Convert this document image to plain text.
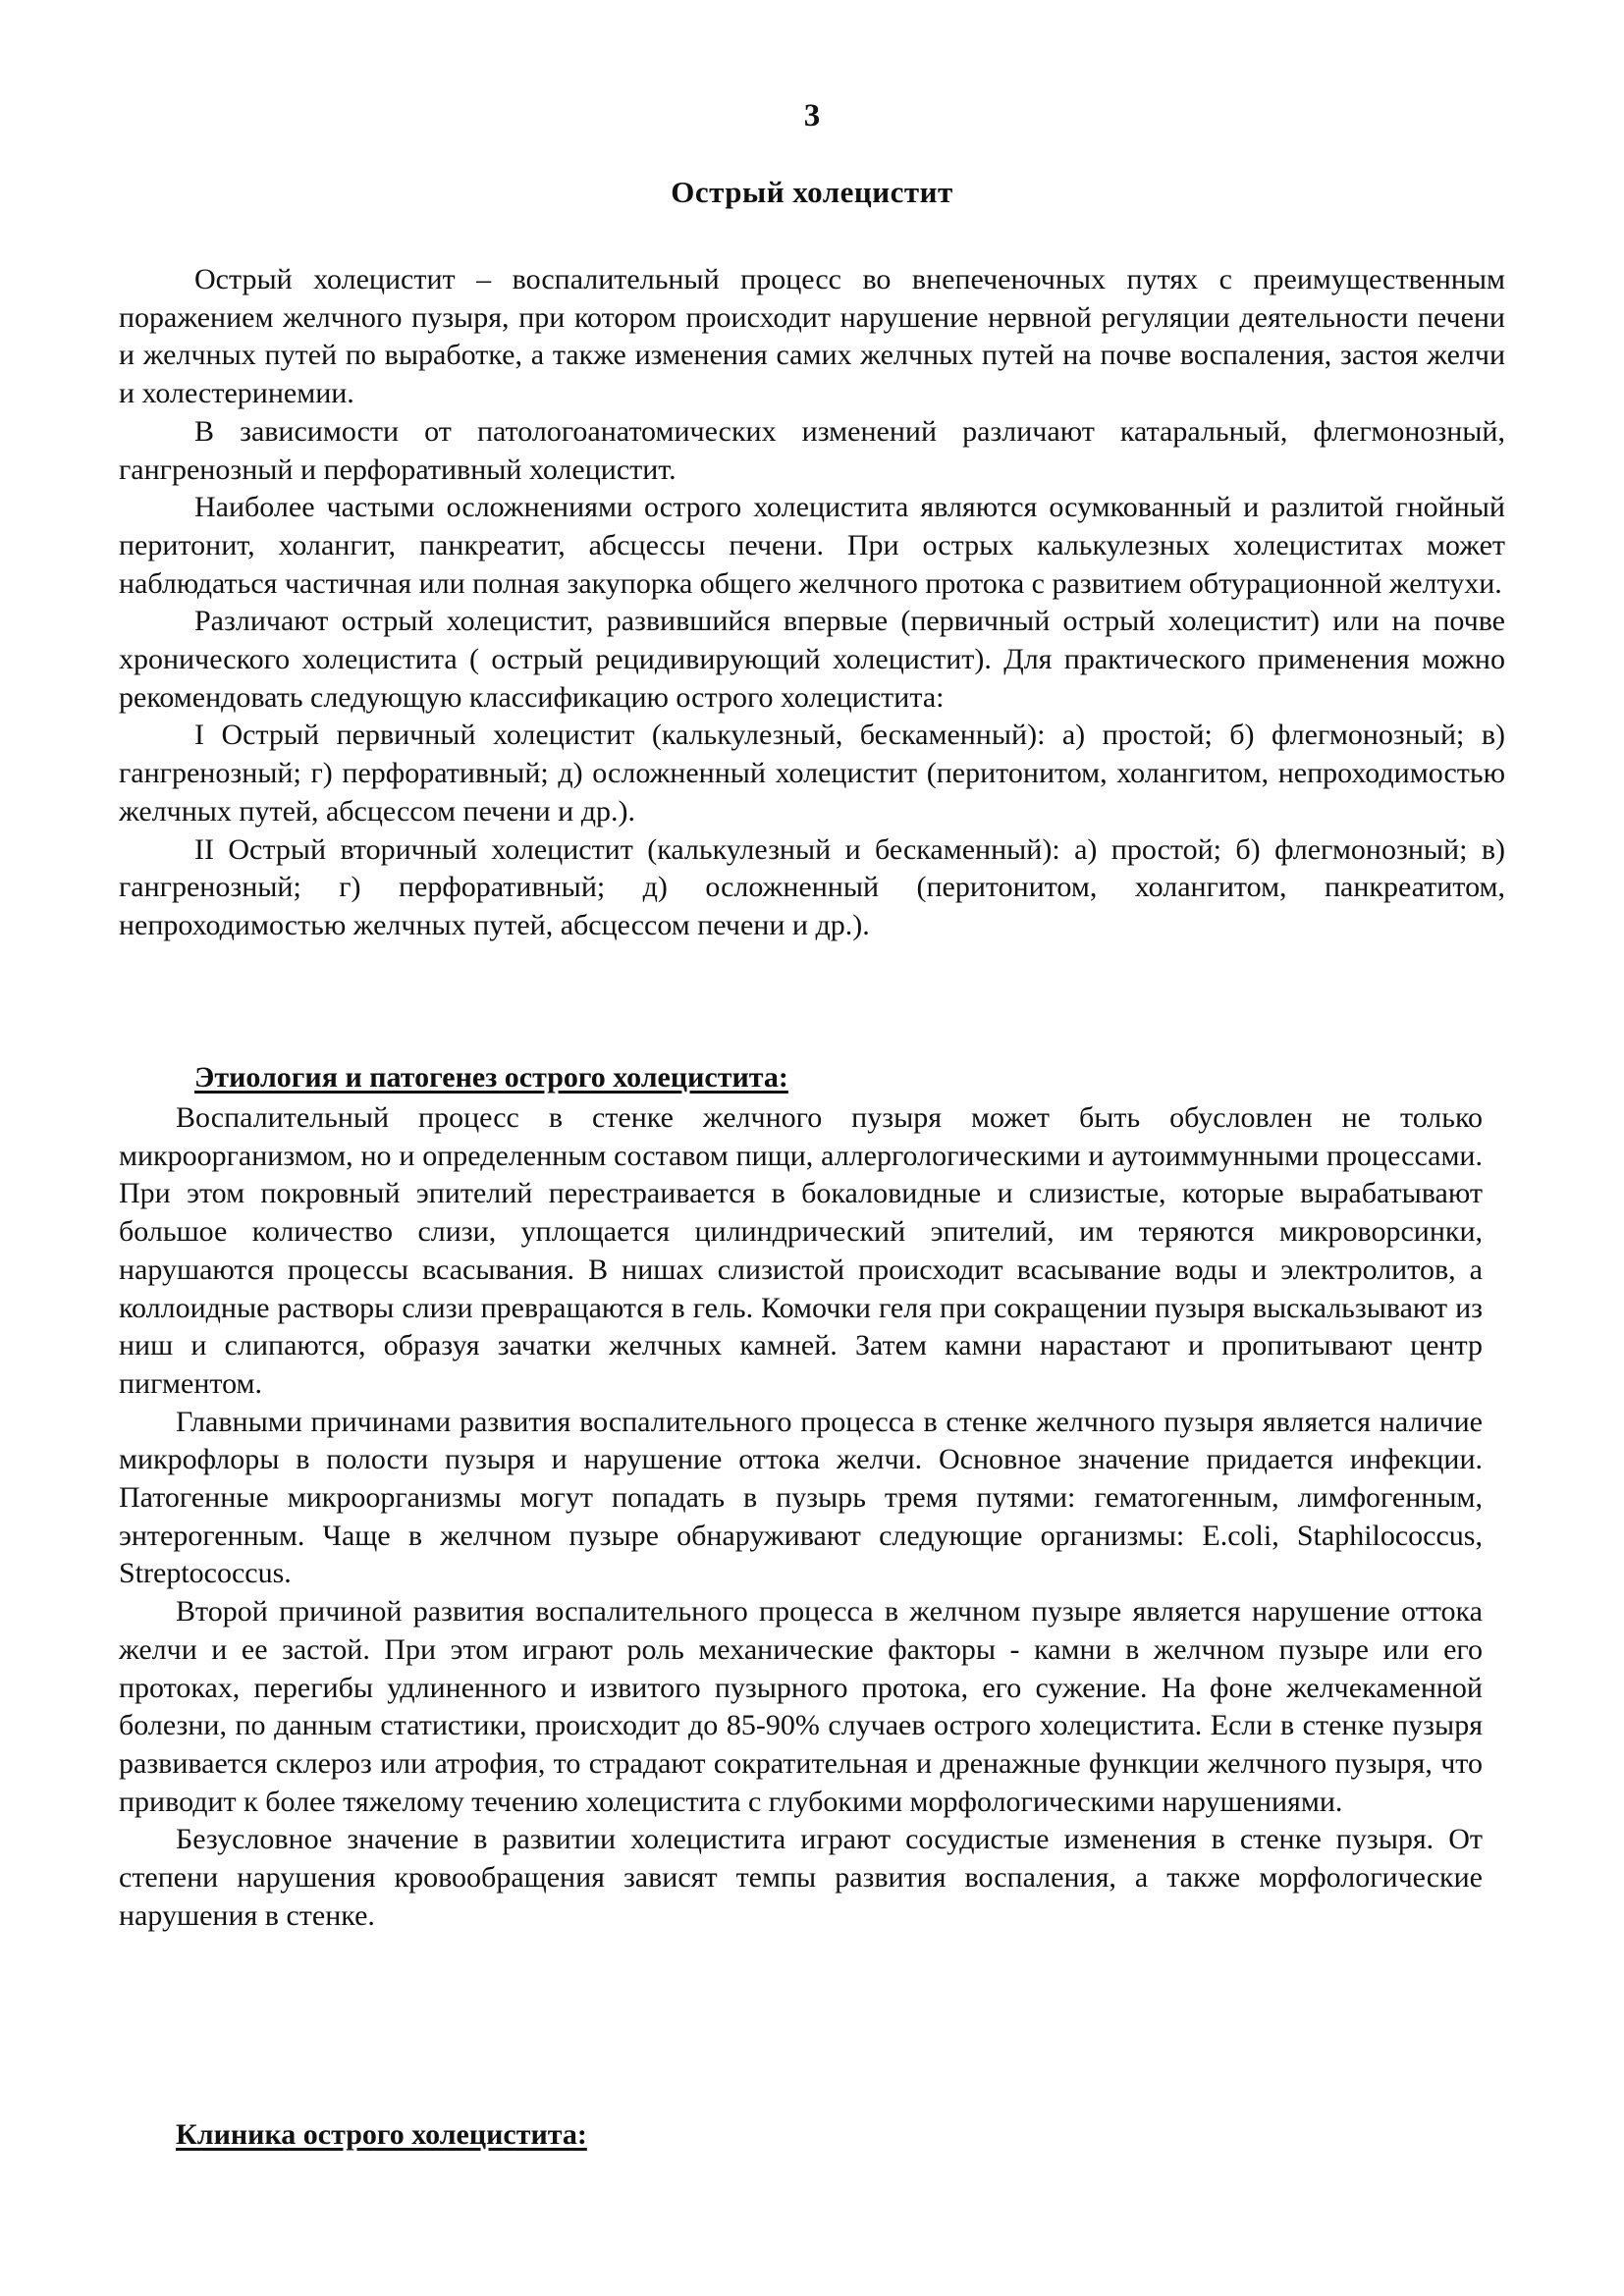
3
Острый холецистит

Острый холецистит – воспалительный процесс во внепеченочных путях с преимущественным поражением желчного пузыря, при котором происходит нарушение нервной регуляции деятельности печени и желчных путей по выработке, а также изменения самих желчных путей на почве воспаления, застоя желчи и холестеринемии.

В зависимости от патологоанатомических изменений различают катаральный, флегмонозный, гангренозный и перфоративный холецистит.

Наиболее частыми осложнениями острого холецистита являются осумкованный и разлитой гнойный перитонит, холангит, панкреатит, абсцессы печени. При острых калькулезных холециститах может наблюдаться частичная или полная закупорка общего желчного протока с развитием обтурационной желтухи.

Различают острый холецистит, развившийся впервые (первичный острый холецистит) или на почве хронического холецистита ( острый рецидивирующий холецистит). Для практического применения можно рекомендовать следующую классификацию острого холецистита:

I Острый первичный холецистит (калькулезный, бескаменный): а) простой; б) флегмонозный; в) гангренозный; г) перфоративный; д) осложненный холецистит (перитонитом, холангитом, непроходимостью желчных путей, абсцессом печени и др.).

II Острый вторичный холецистит (калькулезный и бескаменный): а) простой; б) флегмонозный; в) гангренозный; г) перфоративный; д) осложненный (перитонитом, холангитом, панкреатитом, непроходимостью желчных путей, абсцессом печени и др.).

Этиология и патогенез острого холецистита:

Воспалительный процесс в стенке желчного пузыря может быть обусловлен не только микроорганизмом, но и определенным составом пищи, аллергологическими и аутоиммунными процессами. При этом покровный эпителий перестраивается в бокаловидные и слизистые, которые вырабатывают большое количество слизи, уплощается цилиндрический эпителий, им теряются микроворсинки, нарушаются процессы всасывания. В нишах слизистой происходит всасывание воды и электролитов, а коллоидные растворы слизи превращаются в гель. Комочки геля при сокращении пузыря выскальзывают из ниш и слипаются, образуя зачатки желчных камней. Затем камни нарастают и пропитывают центр пигментом.

Главными причинами развития воспалительного процесса в стенке желчного пузыря является наличие микрофлоры в полости пузыря и нарушение оттока желчи. Основное значение придается инфекции. Патогенные микроорганизмы могут попадать в пузырь тремя путями: гематогенным, лимфогенным, энтерогенным. Чаще в желчном пузыре обнаруживают следующие организмы: E.coli, Staphilococcus, Streptococcus.

Второй причиной развития воспалительного процесса в желчном пузыре является нарушение оттока желчи и ее застой. При этом играют роль механические факторы - камни в желчном пузыре или его протоках, перегибы удлиненного и извитого пузырного протока, его сужение. На фоне желчекаменной болезни, по данным статистики, происходит до 85-90% случаев острого холецистита. Если в стенке пузыря развивается склероз или атрофия, то страдают сократительная и дренажные функции желчного пузыря, что приводит к более тяжелому течению холецистита с глубокими морфологическими нарушениями.

Безусловное значение в развитии холецистита играют сосудистые изменения в стенке пузыря. От степени нарушения кровообращения зависят темпы развития воспаления, а также морфологические нарушения в стенке.

Клиника острого холецистита:
